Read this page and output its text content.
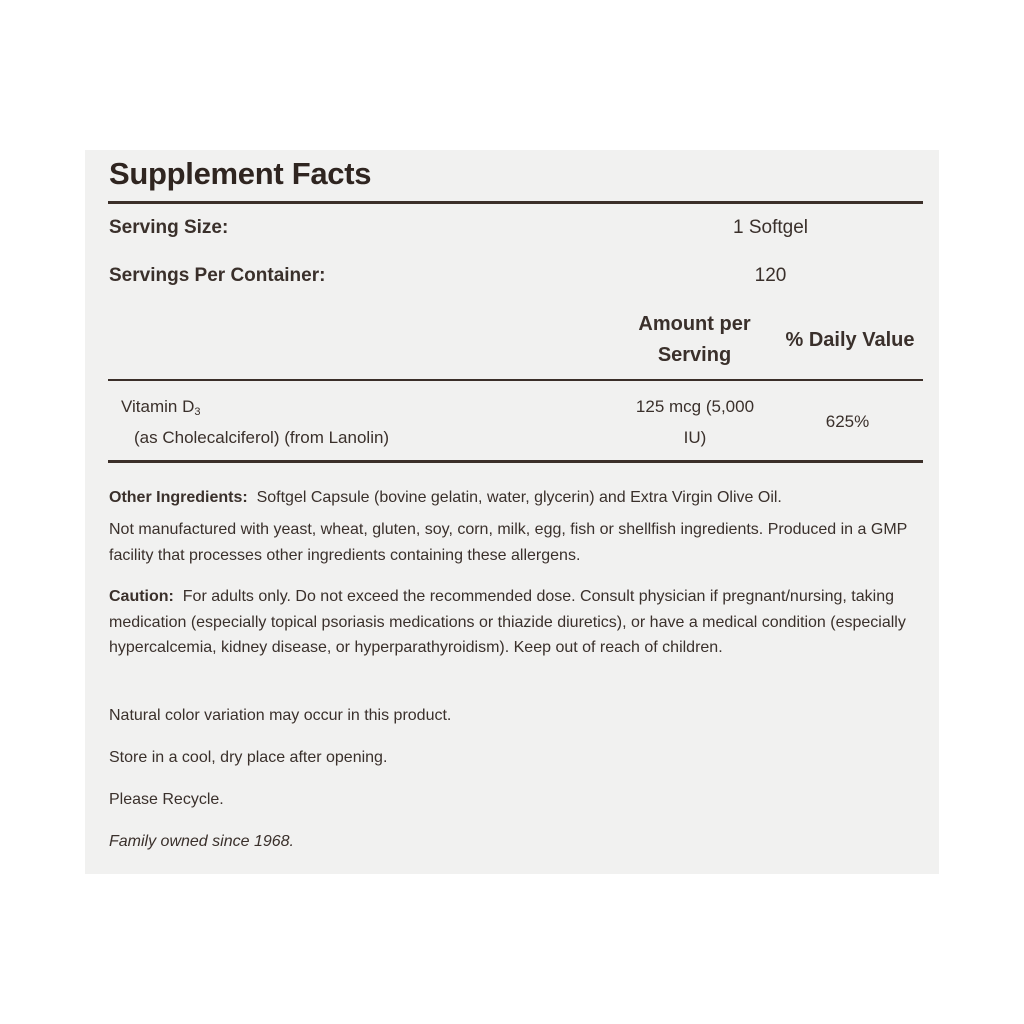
Supplement Facts
Serving Size:	1 Softgel
Servings Per Container:	120
Amount per Serving
% Daily Value
Vitamin $D_3$
(as Cholecalciferol) (from Lanolin)
125 mcg (5,000
IU)
625%
Other Ingredients: Softgel Capsule (bovine gelatin, water, glycerin) and Extra Virgin Olive Oil.
Not manufactured with yeast, wheat, gluten, soy, corn, milk, egg, fish or shellfish ingredients. Produced in a GMP facility that processes other ingredients containing these allergens.
Caution: For adults only. Do not exceed the recommended dose. Consult physician if pregnant/nursing, taking medication (especially topical psoriasis medications or thiazide diuretics), or have a medical condition (especially hypercalcemia, kidney disease, or hyperparathyroidism). Keep out of reach of children.
Natural color variation may occur in this product.
Store in a cool, dry place after opening.
Please Recycle.
Family owned since 1968.
